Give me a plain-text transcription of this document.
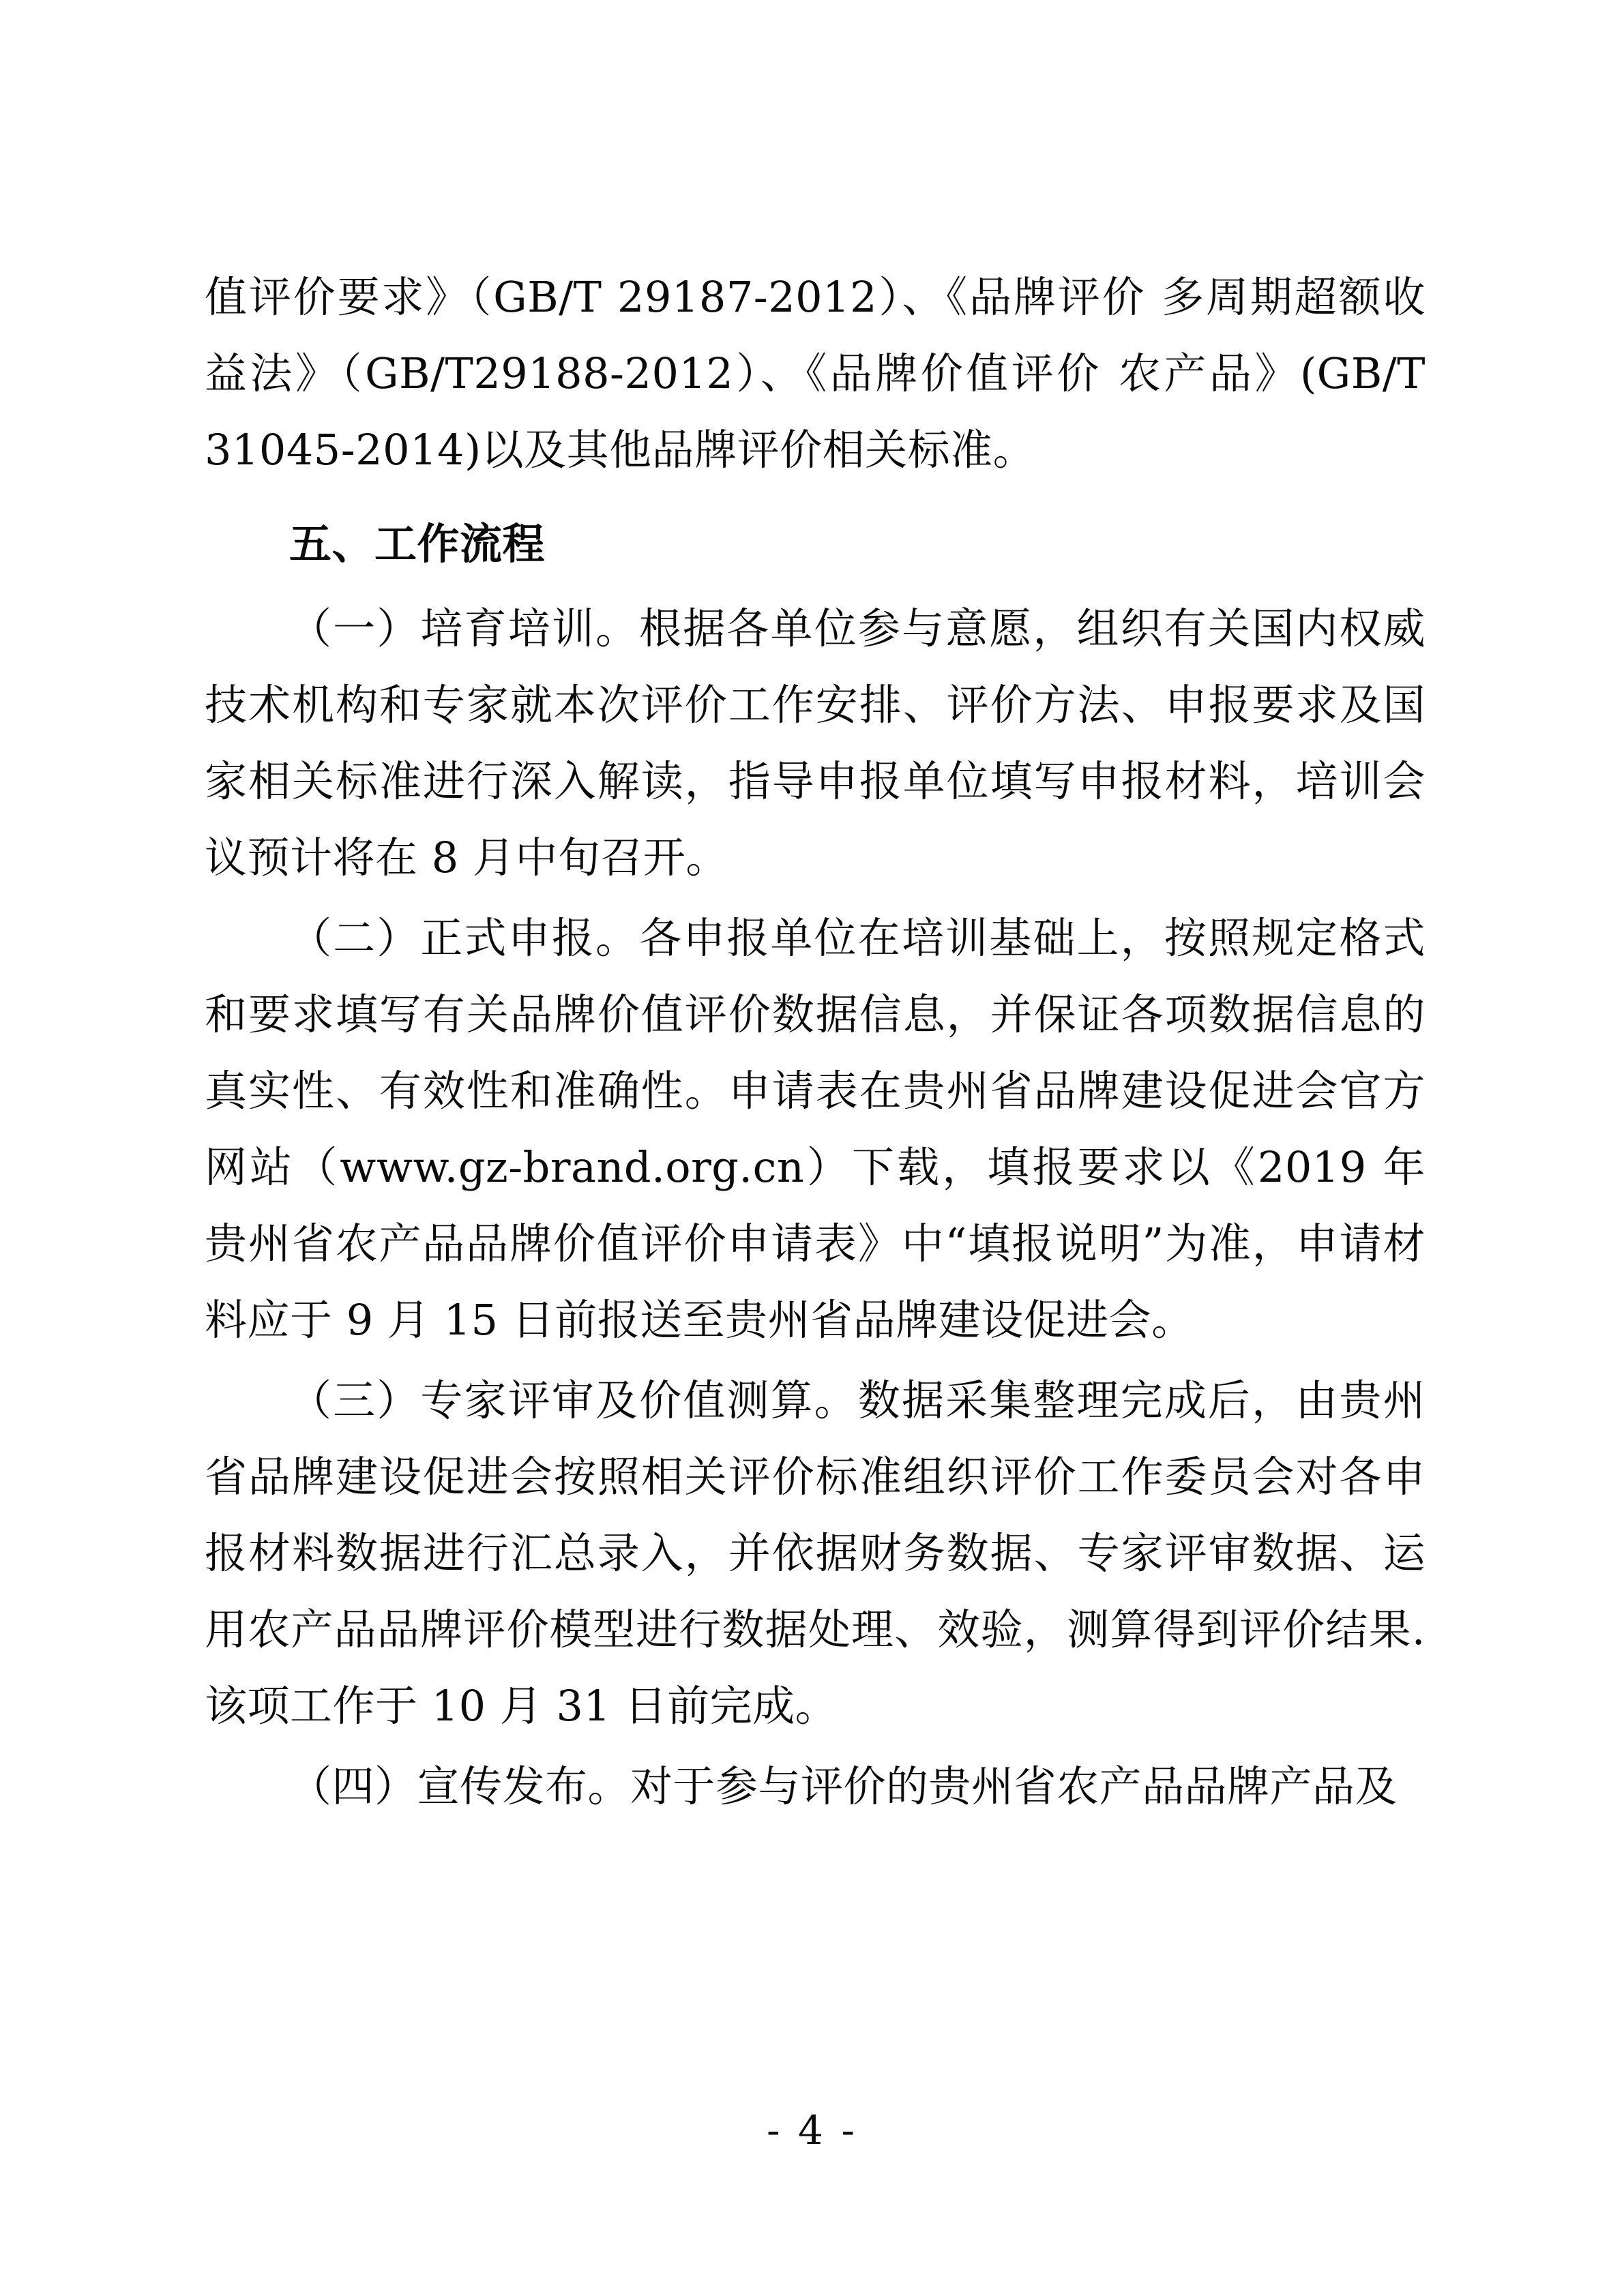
值评价要求》（GB/T 29187-2012）、《品牌评价 多周期超额收益法》（GB/T29188-2012）、《品牌价值评价 农产品》(GB/T 31045-2014)以及其他品牌评价相关标准。

五、工作流程

（一）培育培训。根据各单位参与意愿，组织有关国内权威技术机构和专家就本次评价工作安排、评价方法、申报要求及国家相关标准进行深入解读，指导申报单位填写申报材料，培训会议预计将在 8 月中旬召开。

（二）正式申报。各申报单位在培训基础上，按照规定格式和要求填写有关品牌价值评价数据信息，并保证各项数据信息的真实性、有效性和准确性。申请表在贵州省品牌建设促进会官方网站（www.gz-brand.org.cn）下载，填报要求以《2019 年贵州省农产品品牌价值评价申请表》中“填报说明”为准，申请材料应于 9 月 15 日前报送至贵州省品牌建设促进会。

（三）专家评审及价值测算。数据采集整理完成后，由贵州省品牌建设促进会按照相关评价标准组织评价工作委员会对各申报材料数据进行汇总录入，并依据财务数据、专家评审数据、运用农产品品牌评价模型进行数据处理、效验，测算得到评价结果.该项工作于 10 月 31 日前完成。

（四）宣传发布。对于参与评价的贵州省农产品品牌产品及

- 4 -
